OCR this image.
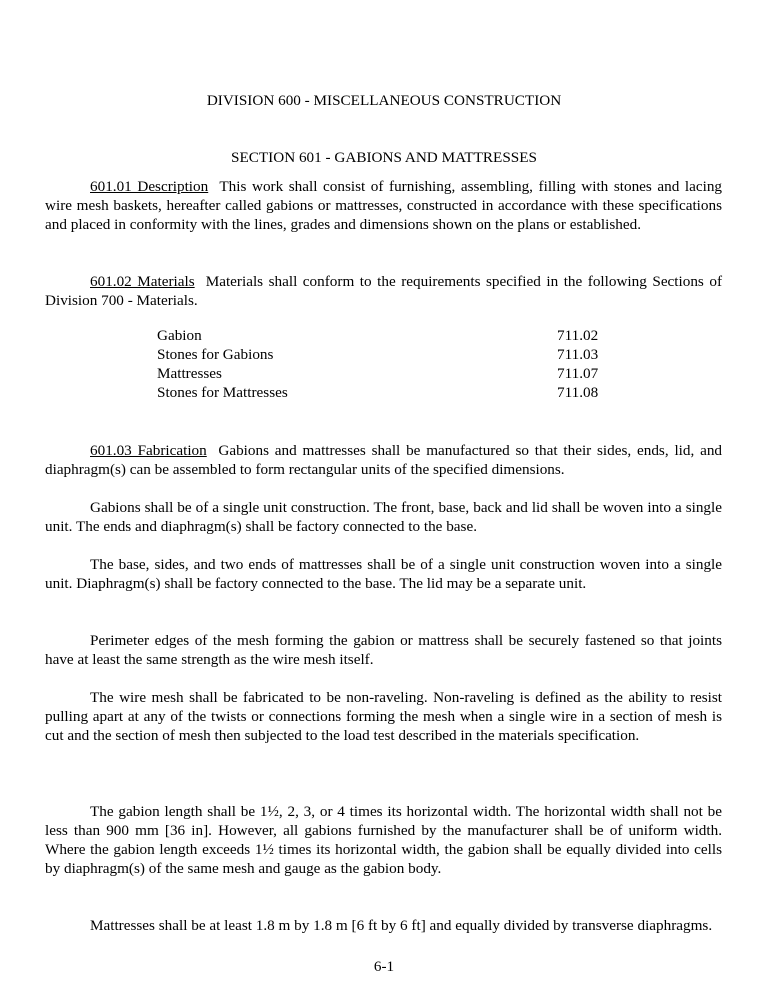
DIVISION 600 - MISCELLANEOUS CONSTRUCTION
SECTION 601 - GABIONS AND MATTRESSES

601.01 Description This work shall consist of furnishing, assembling, filling with stones and lacing wire mesh baskets, hereafter called gabions or mattresses, constructed in accordance with these specifications and placed in conformity with the lines, grades and dimensions shown on the plans or established.

601.02 Materials Materials shall conform to the requirements specified in the following Sections of Division 700 - Materials.

Gabion	711.02
Stones for Gabions	711.03
Mattresses	711.07
Stones for Mattresses	711.08

601.03 Fabrication Gabions and mattresses shall be manufactured so that their sides, ends, lid, and diaphragm(s) can be assembled to form rectangular units of the specified dimensions.

Gabions shall be of a single unit construction. The front, base, back and lid shall be woven into a single unit. The ends and diaphragm(s) shall be factory connected to the base.

The base, sides, and two ends of mattresses shall be of a single unit construction woven into a single unit. Diaphragm(s) shall be factory connected to the base. The lid may be a separate unit.

Perimeter edges of the mesh forming the gabion or mattress shall be securely fastened so that joints have at least the same strength as the wire mesh itself.

The wire mesh shall be fabricated to be non-raveling. Non-raveling is defined as the ability to resist pulling apart at any of the twists or connections forming the mesh when a single wire in a section of mesh is cut and the section of mesh then subjected to the load test described in the materials specification.

The gabion length shall be 1½, 2, 3, or 4 times its horizontal width. The horizontal width shall not be less than 900 mm [36 in]. However, all gabions furnished by the manufacturer shall be of uniform width. Where the gabion length exceeds 1½ times its horizontal width, the gabion shall be equally divided into cells by diaphragm(s) of the same mesh and gauge as the gabion body.

Mattresses shall be at least 1.8 m by 1.8 m [6 ft by 6 ft] and equally divided by transverse diaphragms.

6-1
